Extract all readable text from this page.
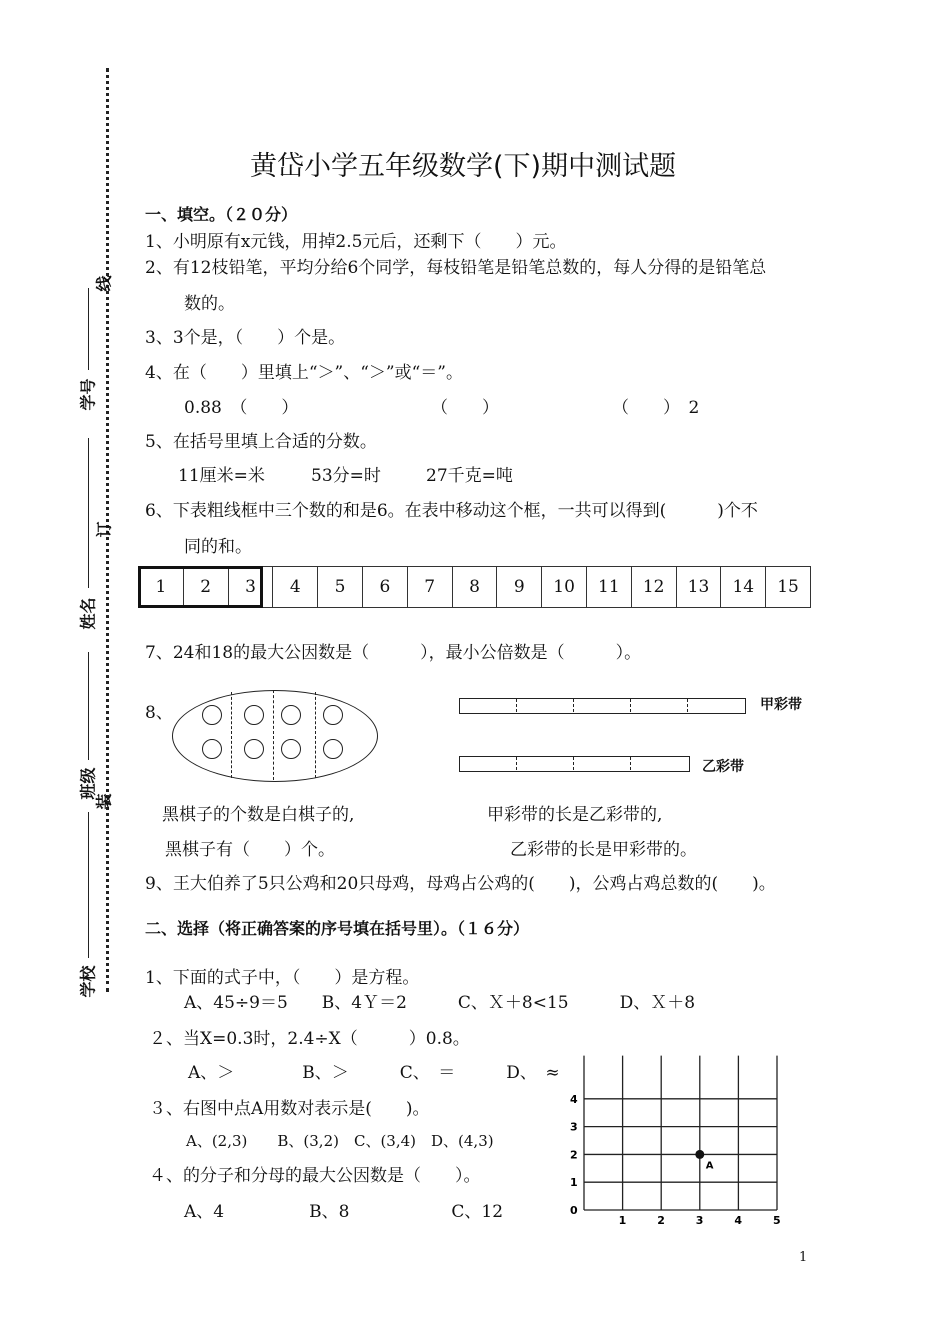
线
订
装
学号
姓名
班级
学校
黄岱小学五年级数学(下)期中测试题
一、填空。（２０分）
1、小明原有x元钱，用掉2.5元后，还剩下（　　）元。
2、有12枝铅笔，平均分给6个同学，每枝铅笔是铅笔总数的，每人分得的是铅笔总
数的。
3、3个是，（　　）个是。
4、在（　　）里填上“＞”、“＞”或“＝”。
0.88　（　　）	（　　）	（　　）　2
5、在括号里填上合适的分数。
11厘米=米	53分=时	27千克=吨
6、下表粗线框中三个数的和是6。在表中移动这个框，一共可以得到(　　　)个不
同的和。
1	2	3	4	5	6	7	8	9	10	11	12	13	14	15
7、24和18的最大公因数是（　　　），最小公倍数是（　　　）。
8、	甲彩带
乙彩带
黑棋子的个数是白棋子的,
黑棋子有（　　）个。
甲彩带的长是乙彩带的,
乙彩带的长是甲彩带的。
9、王大伯养了5只公鸡和20只母鸡，母鸡占公鸡的(　　)，公鸡占鸡总数的(　　)。
二、选择（将正确答案的序号填在括号里）。（１６分）
1、下面的式子中，（　　）是方程。
A、45÷9＝5　　B、4Ｙ＝2　　　C、Ｘ＋8<15　　　D、Ｘ＋8
２、当X=0.3时，2.4÷X（　　　）0.8。
A、＞　　　　B、＞　　　C、　＝　　　D、　≈
３、右图中点A用数对表示是(　　)。
A、(2,3)　　B、(3,2)　C、(3,4)　D、(4,3)
４、的分子和分母的最大公因数是（　　）。
A、4　　　　　B、8　　　　　　C、12	1	2	3	4	5
0
1
2
3
4
A
1
